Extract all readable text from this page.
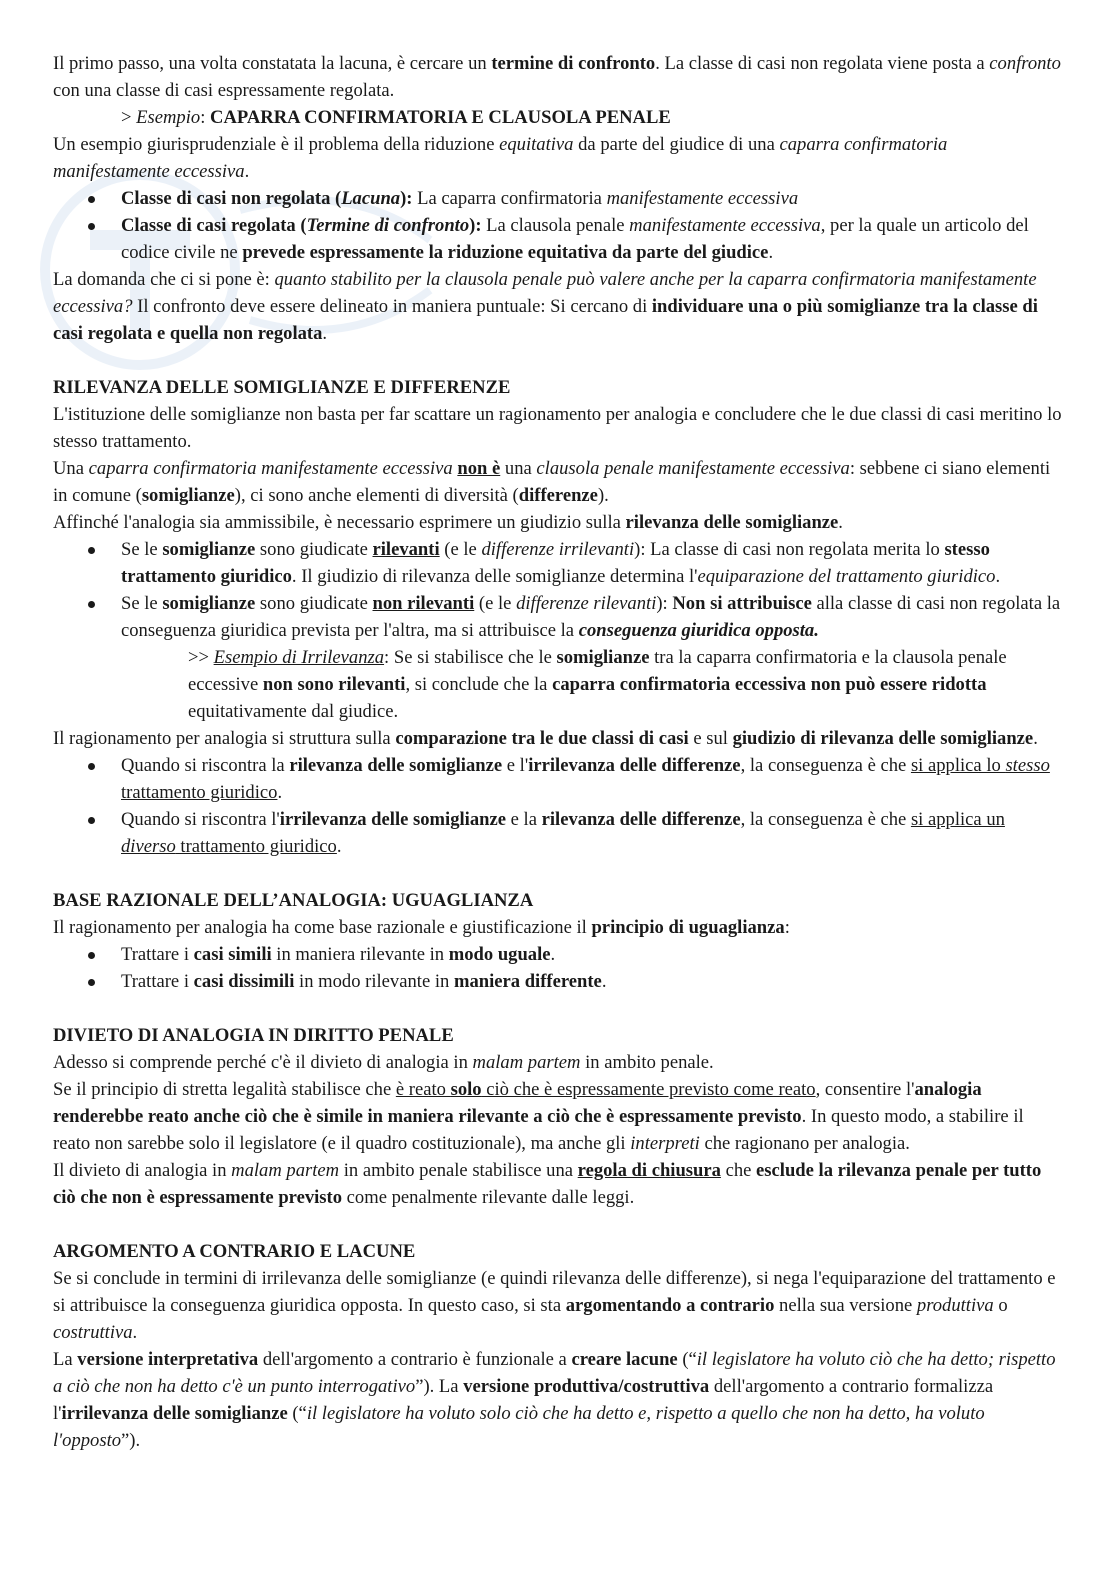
Il primo passo, una volta constatata la lacuna, è cercare un termine di confronto. La classe di casi non regolata viene posta a confronto con una classe di casi espressamente regolata.

> Esempio: CAPARRA CONFIRMATORIA E CLAUSOLA PENALE

Un esempio giurisprudenziale è il problema della riduzione equitativa da parte del giudice di una caparra confirmatoria manifestamente eccessiva.

Classe di casi non regolata (Lacuna): La caparra confirmatoria manifestamente eccessiva
Classe di casi regolata (Termine di confronto): La clausola penale manifestamente eccessiva, per la quale un articolo del codice civile ne prevede espressamente la riduzione equitativa da parte del giudice.

La domanda che ci si pone è: quanto stabilito per la clausola penale può valere anche per la caparra confirmatoria manifestamente eccessiva? Il confronto deve essere delineato in maniera puntuale: Si cercano di individuare una o più somiglianze tra la classe di casi regolata e quella non regolata.

RILEVANZA DELLE SOMIGLIANZE E DIFFERENZE

L'istituzione delle somiglianze non basta per far scattare un ragionamento per analogia e concludere che le due classi di casi meritino lo stesso trattamento.

Una caparra confirmatoria manifestamente eccessiva non è una clausola penale manifestamente eccessiva: sebbene ci siano elementi in comune (somiglianze), ci sono anche elementi di diversità (differenze).

Affinché l'analogia sia ammissibile, è necessario esprimere un giudizio sulla rilevanza delle somiglianze.

Se le somiglianze sono giudicate rilevanti (e le differenze irrilevanti): La classe di casi non regolata merita lo stesso trattamento giuridico. Il giudizio di rilevanza delle somiglianze determina l'equiparazione del trattamento giuridico.
Se le somiglianze sono giudicate non rilevanti (e le differenze rilevanti): Non si attribuisce alla classe di casi non regolata la conseguenza giuridica prevista per l'altra, ma si attribuisce la conseguenza giuridica opposta.

>> Esempio di Irrilevanza: Se si stabilisce che le somiglianze tra la caparra confirmatoria e la clausola penale eccessive non sono rilevanti, si conclude che la caparra confirmatoria eccessiva non può essere ridotta equitativamente dal giudice.

Il ragionamento per analogia si struttura sulla comparazione tra le due classi di casi e sul giudizio di rilevanza delle somiglianze.

Quando si riscontra la rilevanza delle somiglianze e l'irrilevanza delle differenze, la conseguenza è che si applica lo stesso trattamento giuridico.
Quando si riscontra l'irrilevanza delle somiglianze e la rilevanza delle differenze, la conseguenza è che si applica un diverso trattamento giuridico.
BASE RAZIONALE DELL’ANALOGIA: UGUAGLIANZA

Il ragionamento per analogia ha come base razionale e giustificazione il principio di uguaglianza:

Trattare i casi simili in maniera rilevante in modo uguale.
Trattare i casi dissimili in modo rilevante in maniera differente.
DIVIETO DI ANALOGIA IN DIRITTO PENALE

Adesso si comprende perché c'è il divieto di analogia in malam partem in ambito penale.

Se il principio di stretta legalità stabilisce che è reato solo ciò che è espressamente previsto come reato, consentire l'analogia renderebbe reato anche ciò che è simile in maniera rilevante a ciò che è espressamente previsto. In questo modo, a stabilire il reato non sarebbe solo il legislatore (e il quadro costituzionale), ma anche gli interpreti che ragionano per analogia.

Il divieto di analogia in malam partem in ambito penale stabilisce una regola di chiusura che esclude la rilevanza penale per tutto ciò che non è espressamente previsto come penalmente rilevante dalle leggi.

ARGOMENTO A CONTRARIO E LACUNE

Se si conclude in termini di irrilevanza delle somiglianze (e quindi rilevanza delle differenze), si nega l'equiparazione del trattamento e si attribuisce la conseguenza giuridica opposta. In questo caso, si sta argomentando a contrario nella sua versione produttiva o costruttiva.

La versione interpretativa dell'argomento a contrario è funzionale a creare lacune (“il legislatore ha voluto ciò che ha detto; rispetto a ciò che non ha detto c'è un punto interrogativo”). La versione produttiva/costruttiva dell'argomento a contrario formalizza l'irrilevanza delle somiglianze (“il legislatore ha voluto solo ciò che ha detto e, rispetto a quello che non ha detto, ha voluto l'opposto”).
